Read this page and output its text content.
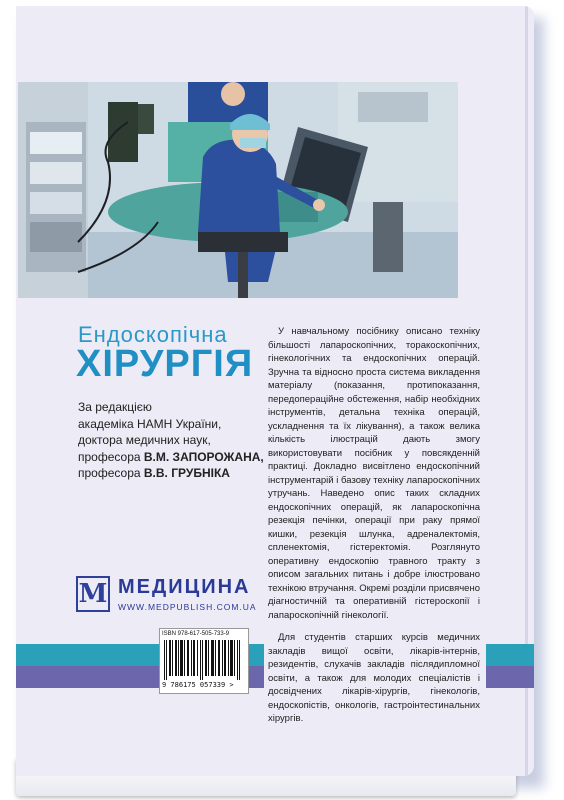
Ендоскопічна
ХІРУРГІЯ
За редакцією
академіка НАМН України,
доктора медичних наук,
професора В.М. ЗАПОРОЖАНА,
професора В.В. ГРУБНІКА
М МЕДИЦИНА
WWW.MEDPUBLISH.COM.UA
ISBN 978-617-505-733-9
9 786175 057339 >

У навчальному посібнику описано техніку більшості лапароскопічних, торакоскопічних, гінекологічних та ендоскопічних операцій. Зручна та відносно проста система викладення матеріалу (показання, протипоказання, передопераційне обстеження, набір необхідних інструментів, детальна техніка операцій, ускладнення та їх лікування), а також велика кількість ілюстрацій дають змогу використовувати посібник у повсякденній практиці. Докладно висвітлено ендоскопічний інструментарій і базову техніку лапароскопічних утручань. Наведено опис таких складних ендоскопічних операцій, як лапароскопічна резекція печінки, операції при раку прямої кишки, резекція шлунка, адреналектомія, спленектомія, гістеректомія. Розглянуто оперативну ендоскопію травного тракту з описом загальних питань і добре ілюстровано технікою втручання. Окремі розділи присвячено діагностичній та оперативній гістероскопії і лапароскопічній гінекології.

Для студентів старших курсів медичних закладів вищої освіти, лікарів-інтернів, резидентів, слухачів закладів післядипломної освіти, а також для молодих спеціалістів і досвідчених лікарів-хірургів, гінекологів, ендоскопістів, онкологів, гастроінтестинальних хірургів.
